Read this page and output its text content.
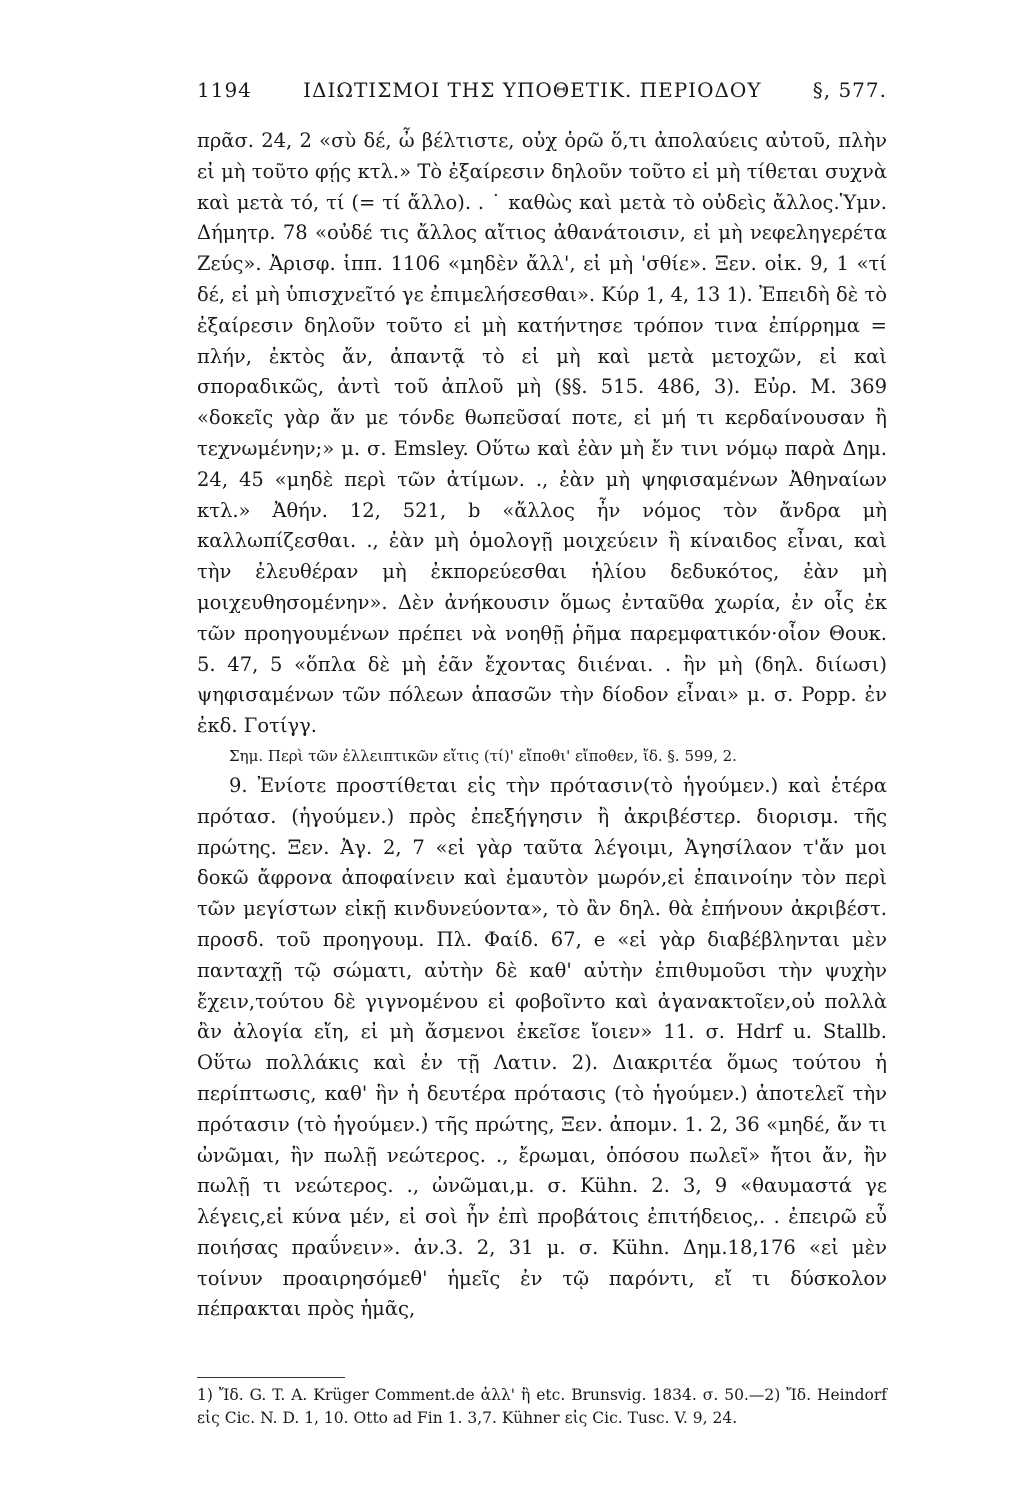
1194	ΙΔΙΩΤΙΣΜΟΙ ΤΗΣ ΥΠΟΘΕΤΙΚ. ΠΕΡΙΟΔΟΥ	§, 577.

πρᾶσ. 24, 2 «σὺ δέ, ὦ βέλτιστε, οὐχ ὁρῶ ὅ,τι ἀπολαύεις αὐτοῦ, πλὴν εἰ μὴ τοῦτο φῄς κτλ.» Τὸ ἐξαίρεσιν δηλοῦν τοῦτο εἰ μὴ τίθεται συχνὰ καὶ μετὰ τό, τί (= τί ἄλλο). . ˙ καθὼς καὶ μετὰ τὸ οὐδεὶς ἄλλος.Ὑμν. Δήμητρ. 78 «οὐδέ τις ἄλλος αἴτιος ἀθανάτοισιν, εἰ μὴ νεφεληγερέτα Ζεύς». Ἀρισφ. ἱππ. 1106 «μηδὲν ἄλλ', εἰ μὴ 'σθίε». Ξεν. οἰκ. 9, 1 «τί δέ, εἰ μὴ ὑπισχνεῖτό γε ἐπιμελήσεσθαι». Κύρ 1, 4, 13 1). Ἐπειδὴ δὲ τὸ ἐξαίρεσιν δηλοῦν τοῦτο εἰ μὴ κατήντησε τρόπον τινα ἐπίρρημα = πλήν, ἐκτὸς ἄν, ἀπαντᾷ τὸ εἰ μὴ καὶ μετὰ μετοχῶν, εἰ καὶ σποραδικῶς, ἀντὶ τοῦ ἀπλοῦ μὴ (§§. 515. 486, 3). Εὐρ. Μ. 369 «δοκεῖς γὰρ ἄν με τόνδε θωπεῦσαί ποτε, εἰ μή τι κερδαίνουσαν ἢ τεχνωμένην;» μ. σ. Emsley. Οὕτω καὶ ἐὰν μὴ ἔν τινι νόμῳ παρὰ Δημ. 24, 45 «μηδὲ περὶ τῶν ἀτίμων. ., ἐὰν μὴ ψηφισαμένων Ἀθηναίων κτλ.» Ἀθήν. 12, 521, b «ἄλλος ἦν νόμος τὸν ἄνδρα μὴ καλλωπίζεσθαι. ., ἐὰν μὴ ὁμολογῇ μοιχεύειν ἢ κίναιδος εἶναι, καὶ τὴν ἐλευθέραν μὴ ἐκπορεύεσθαι ἡλίου δεδυκότος, ἐὰν μὴ μοιχευθησομένην». Δὲν ἀνήκουσιν ὅμως ἐνταῦθα χωρία, ἐν οἷς ἐκ τῶν προηγουμένων πρέπει νὰ νοηθῇ ῥῆμα παρεμφατικόν·οἷον Θουκ. 5. 47, 5 «ὅπλα δὲ μὴ ἐᾶν ἔχοντας διιέναι. . ἢν μὴ (δηλ. διίωσι) ψηφισαμένων τῶν πόλεων ἁπασῶν τὴν δίοδον εἶναι» μ. σ. Popp. ἐν ἐκδ. Γοτίγγ.

Σημ. Περὶ τῶν ἐλλειπτικῶν εἴτις (τί)' εἴποθι' εἴποθεν, ἴδ. §. 599, 2.

9. Ἐνίοτε προστίθεται εἰς τὴν πρότασιν(τὸ ἡγούμεν.) καὶ ἑτέρα πρότασ. (ἡγούμεν.) πρὸς ἐπεξήγησιν ἢ ἀκριβέστερ. διορισμ. τῆς πρώτης. Ξεν. Ἀγ. 2, 7 «εἰ γὰρ ταῦτα λέγοιμι, Ἀγησίλαον τ'ἄν μοι δοκῶ ἄφρονα ἀποφαίνειν καὶ ἐμαυτὸν μωρόν,εἰ ἐπαινοίην τὸν περὶ τῶν μεγίστων εἰκῇ κινδυνεύοντα», τὸ ἂν δηλ. θὰ ἐπήνουν ἀκριβέστ. προσδ. τοῦ προηγουμ. Πλ. Φαίδ. 67, e «εἰ γὰρ διαβέβληνται μὲν πανταχῇ τῷ σώματι, αὐτὴν δὲ καθ' αὐτὴν ἐπιθυμοῦσι τὴν ψυχὴν ἔχειν,τούτου δὲ γιγνομένου εἰ φοβοῖντο καὶ ἀγανακτοῖεν,οὐ πολλὰ ἂν ἀλογία εἴη, εἰ μὴ ἄσμενοι ἐκεῖσε ἴοιεν» 11. σ. Hdrf u. Stallb. Οὕτω πολλάκις καὶ ἐν τῇ Λατιν. 2). Διακριτέα ὅμως τούτου ἡ περίπτωσις, καθ' ἣν ἡ δευτέρα πρότασις (τὸ ἡγούμεν.) ἀποτελεῖ τὴν πρότασιν (τὸ ἡγούμεν.) τῆς πρώτης, Ξεν. ἀπομν. 1. 2, 36 «μηδέ, ἄν τι ὠνῶμαι, ἢν πωλῇ νεώτερος. ., ἔρωμαι, ὁπόσου πωλεῖ» ἤτοι ἄν, ἢν πωλῇ τι νεώτερος. ., ὠνῶμαι,μ. σ. Kühn. 2. 3, 9 «θαυμαστά γε λέγεις,εἰ κύνα μέν, εἰ σοὶ ἦν ἐπὶ προβάτοις ἐπιτήδειος,. . ἐπειρῶ εὖ ποιήσας πραΰνειν». ἀν.3. 2, 31 μ. σ. Kühn. Δημ.18,176 «εἰ μὲν τοίνυν προαιρησόμεθ' ἡμεῖς ἐν τῷ παρόντι, εἴ τι δύσκολον πέπρακται πρὸς ἡμᾶς,

1) Ἴδ. G. T. A. Krüger Comment.de ἀλλ' ἢ etc. Brunsvig. 1834. σ. 50.—2) Ἴδ. Heindorf εἰς Cic. N. D. 1, 10. Otto ad Fin 1. 3,7. Kühner εἰς Cic. Tusc. V. 9, 24.
